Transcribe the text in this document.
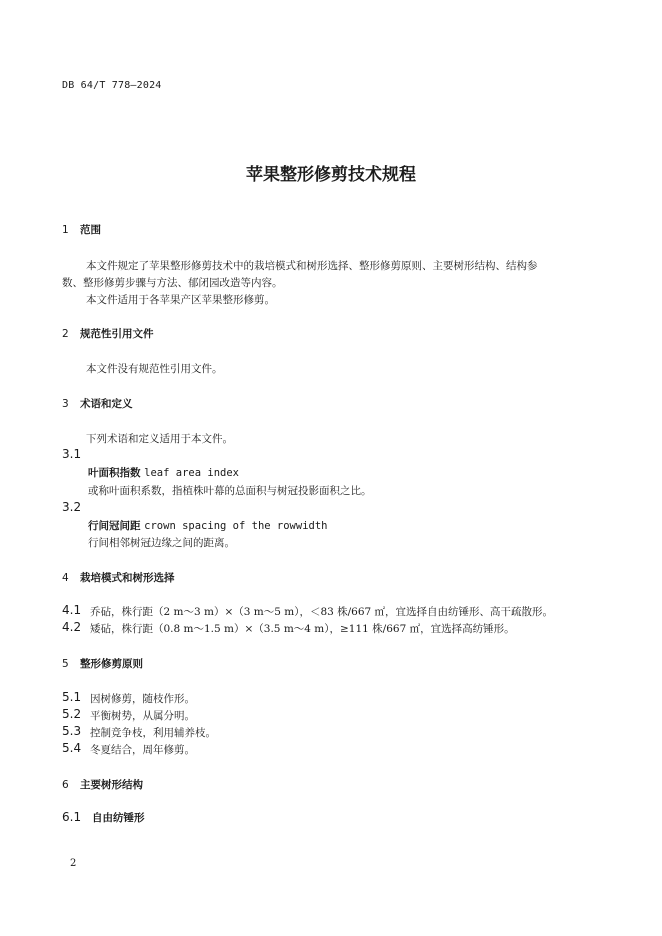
DB 64/T 778—2024
苹果整形修剪技术规程
1 范围
本文件规定了苹果整形修剪技术中的栽培模式和树形选择、整形修剪原则、主要树形结构、结构参
数、整形修剪步骤与方法、郁闭园改造等内容。
本文件适用于各苹果产区苹果整形修剪。
2 规范性引用文件
本文件没有规范性引用文件。
3 术语和定义
下列术语和定义适用于本文件。
3.1
叶面积指数 leaf area index
或称叶面积系数，指植株叶幕的总面积与树冠投影面积之比。
3.2
行间冠间距 crown spacing of the rowwidth
行间相邻树冠边缘之间的距离。
4 栽培模式和树形选择
4.1 乔砧，株行距（2 m～3 m）×（3 m～5 m），＜83 株/667 ㎡，宜选择自由纺锤形、高干疏散形。
4.2 矮砧，株行距（0.8 m～1.5 m）×（3.5 m～4 m），≥111 株/667 ㎡，宜选择高纺锤形。
5 整形修剪原则
5.1 因树修剪，随枝作形。
5.2 平衡树势，从属分明。
5.3 控制竞争枝，利用辅养枝。
5.4 冬夏结合，周年修剪。
6 主要树形结构
6.1 自由纺锤形
2
